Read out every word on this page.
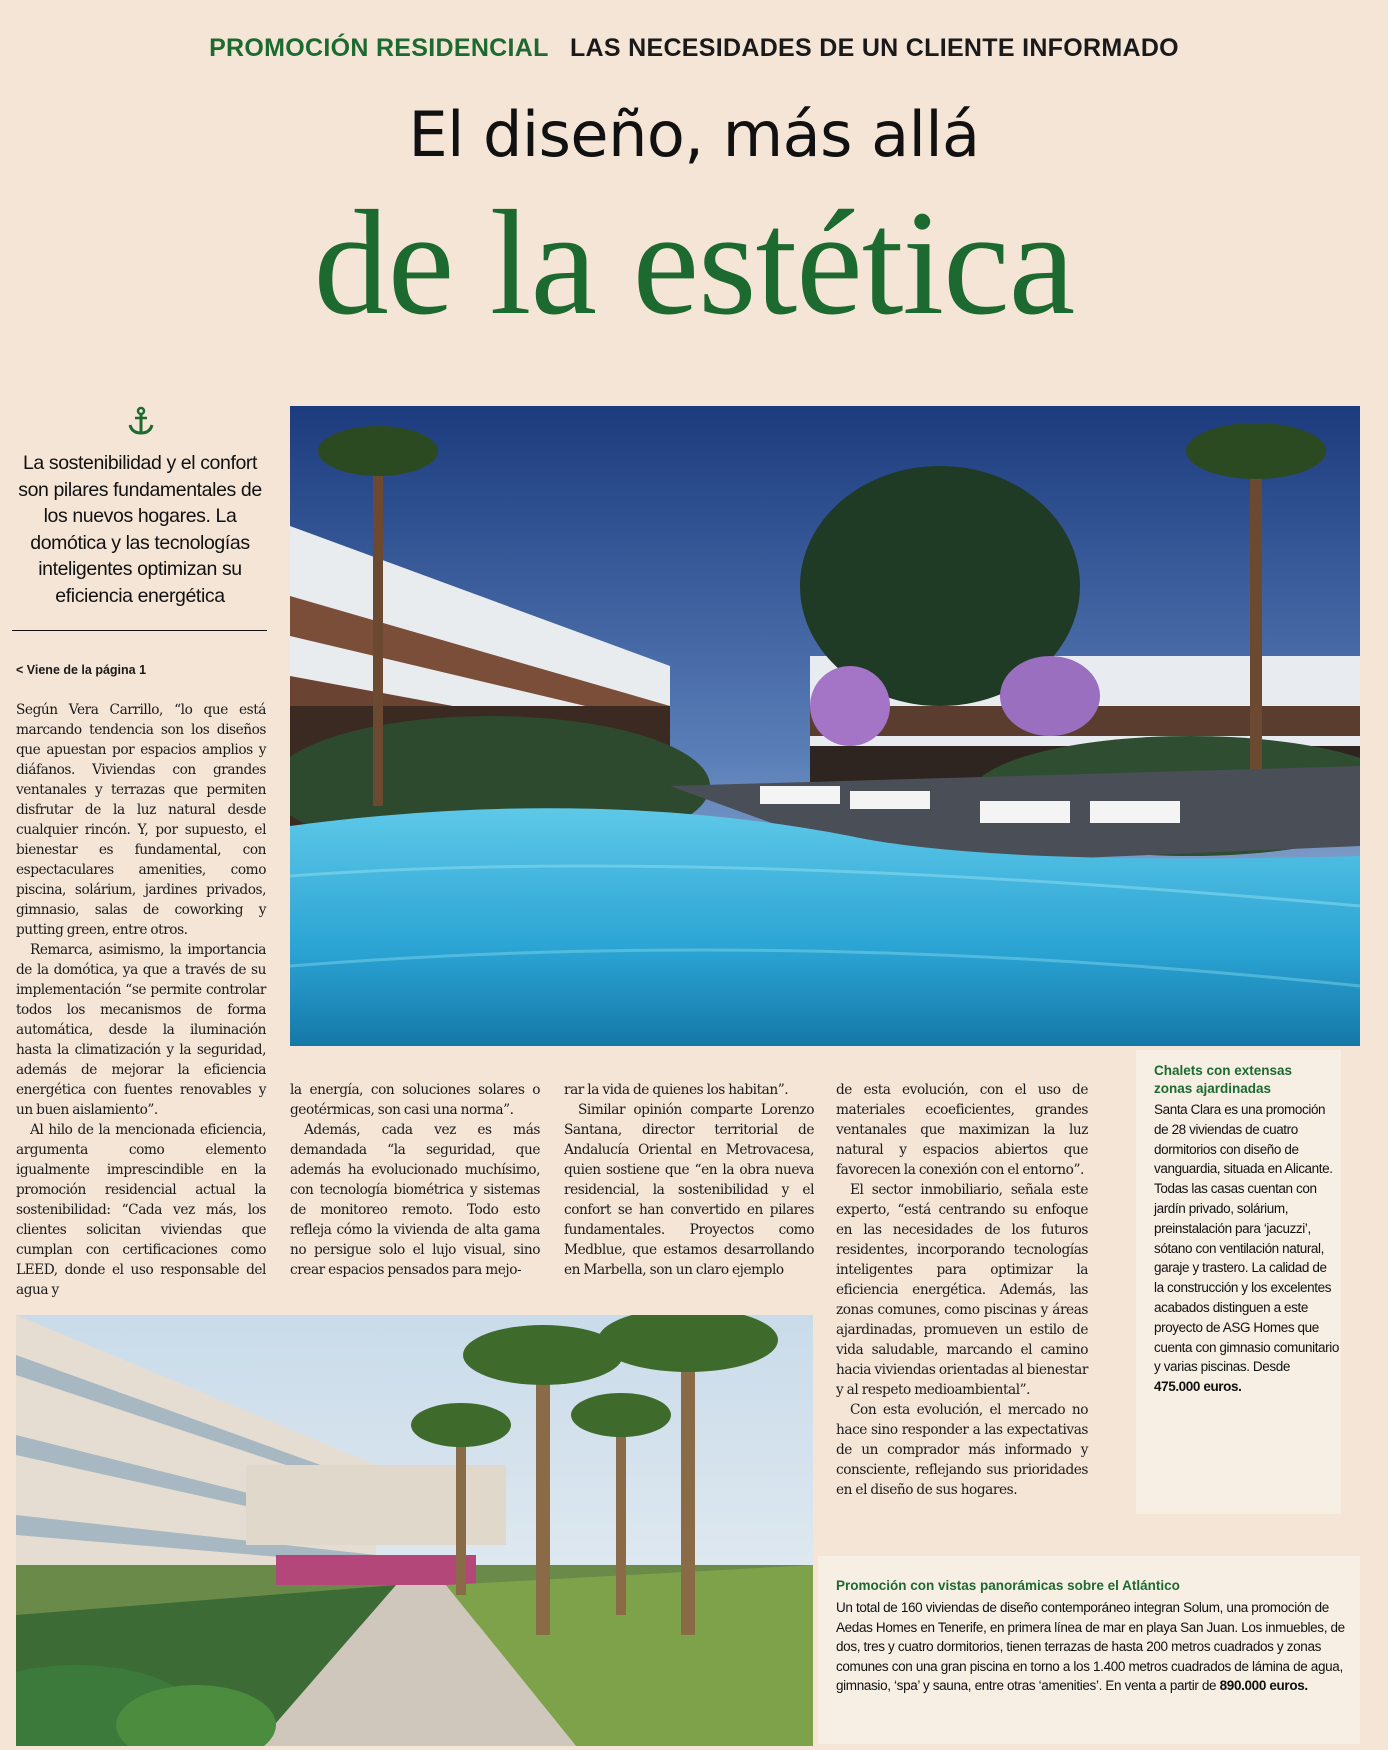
PROMOCIÓN RESIDENCIAL LAS NECESIDADES DE UN CLIENTE INFORMADO
El diseño, más allá
de la estética
La sostenibilidad y el confort son pilares fundamentales de los nuevos hogares. La domótica y las tecnologías inteligentes optimizan su eficiencia energética
< Viene de la página 1

Según Vera Carrillo, “lo que está marcando tendencia son los diseños que apuestan por espacios amplios y diáfanos. Viviendas con grandes ventanales y terrazas que permiten disfrutar de la luz natural desde cualquier rincón. Y, por supuesto, el bienestar es fundamental, con espectaculares amenities, como piscina, solárium, jardines privados, gimnasio, salas de coworking y putting green, entre otros.

Remarca, asimismo, la importancia de la domótica, ya que a través de su implementación “se permite controlar todos los mecanismos de forma automática, desde la iluminación hasta la climatización y la seguridad, además de mejorar la eficiencia energética con fuentes renovables y un buen aislamiento”.

Al hilo de la mencionada eficiencia, argumenta como elemento igualmente imprescindible en la promoción residencial actual la sostenibilidad: “Cada vez más, los clientes solicitan viviendas que cumplan con certificaciones como LEED, donde el uso responsable del agua y

la energía, con soluciones solares o geotérmicas, son casi una norma”.

Además, cada vez es más demandada “la seguridad, que además ha evolucionado muchísimo, con tecnología biométrica y sistemas de monitoreo remoto. Todo esto refleja cómo la vivienda de alta gama no persigue solo el lujo visual, sino crear espacios pensados para mejo-

rar la vida de quienes los habitan”.

Similar opinión comparte Lorenzo Santana, director territorial de Andalucía Oriental en Metrovacesa, quien sostiene que “en la obra nueva residencial, la sostenibilidad y el confort se han convertido en pilares fundamentales. Proyectos como Medblue, que estamos desarrollando en Marbella, son un claro ejemplo

de esta evolución, con el uso de materiales ecoeficientes, grandes ventanales que maximizan la luz natural y espacios abiertos que favorecen la conexión con el entorno”.

El sector inmobiliario, señala este experto, “está centrando su enfoque en las necesidades de los futuros residentes, incorporando tecnologías inteligentes para optimizar la eficiencia energética. Además, las zonas comunes, como piscinas y áreas ajardinadas, promueven un estilo de vida saludable, marcando el camino hacia viviendas orientadas al bienestar y al respeto medioambiental”.

Con esta evolución, el mercado no hace sino responder a las expectativas de un comprador más informado y consciente, reflejando sus prioridades en el diseño de sus hogares.

Chalets con extensas zonas ajardinadas
Santa Clara es una promoción de 28 viviendas de cuatro dormitorios con diseño de vanguardia, situada en Alicante. Todas las casas cuentan con jardín privado, solárium, preinstalación para ‘jacuzzi’, sótano con ventilación natural, garaje y trastero. La calidad de la construcción y los excelentes acabados distinguen a este proyecto de ASG Homes que cuenta con gimnasio comunitario y varias piscinas. Desde 475.000 euros.
Promoción con vistas panorámicas sobre el Atlántico
Un total de 160 viviendas de diseño contemporáneo integran Solum, una promoción de Aedas Homes en Tenerife, en primera línea de mar en playa San Juan. Los inmuebles, de dos, tres y cuatro dormitorios, tienen terrazas de hasta 200 metros cuadrados y zonas comunes con una gran piscina en torno a los 1.400 metros cuadrados de lámina de agua, gimnasio, ‘spa’ y sauna, entre otras ‘amenities’. En venta a partir de 890.000 euros.
